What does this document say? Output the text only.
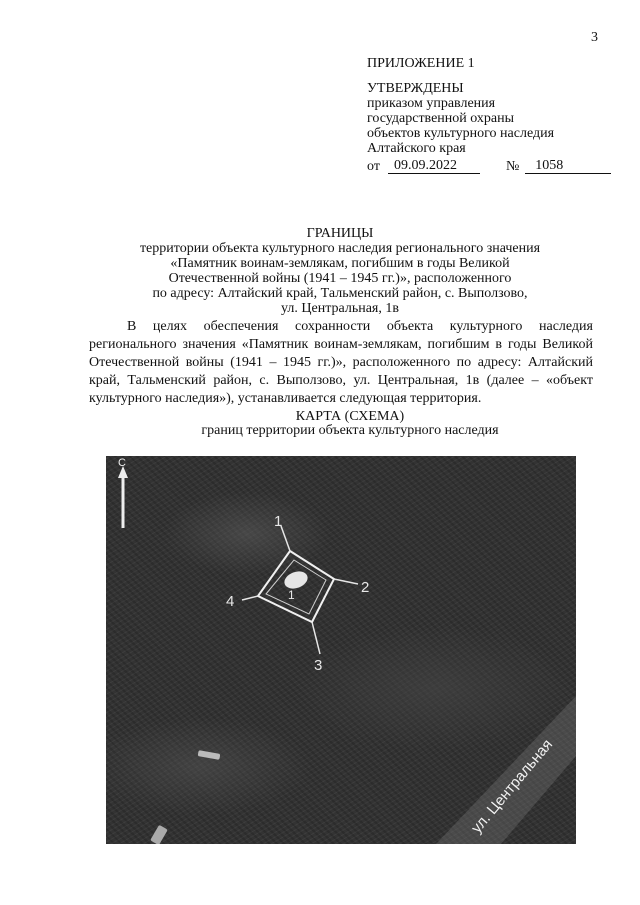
3
ПРИЛОЖЕНИЕ 1
УТВЕРЖДЕНЫ
приказом управления
государственной охраны
объектов культурного наследия
Алтайского края
от	09.09.2022	№	1058
ГРАНИЦЫ
территории объекта культурного наследия регионального значения
«Памятник воинам-землякам, погибшим в годы Великой
Отечественной войны (1941 – 1945 гг.)», расположенного
по адресу: Алтайский край, Тальменский район, с. Выползово,
ул. Центральная, 1в

В целях обеспечения сохранности объекта культурного наследия регионального значения «Памятник воинам-землякам, погибшим в годы Великой Отечественной войны (1941 – 1945 гг.)», расположенного по адресу: Алтайский край, Тальменский район, с. Выползово, ул. Центральная, 1в (далее – «объект культурного наследия»), устанавливается следующая территория.

КАРТА (СХЕМА)
границ территории объекта культурного наследия
С
1
1
2
3
4
ул. Центральная
